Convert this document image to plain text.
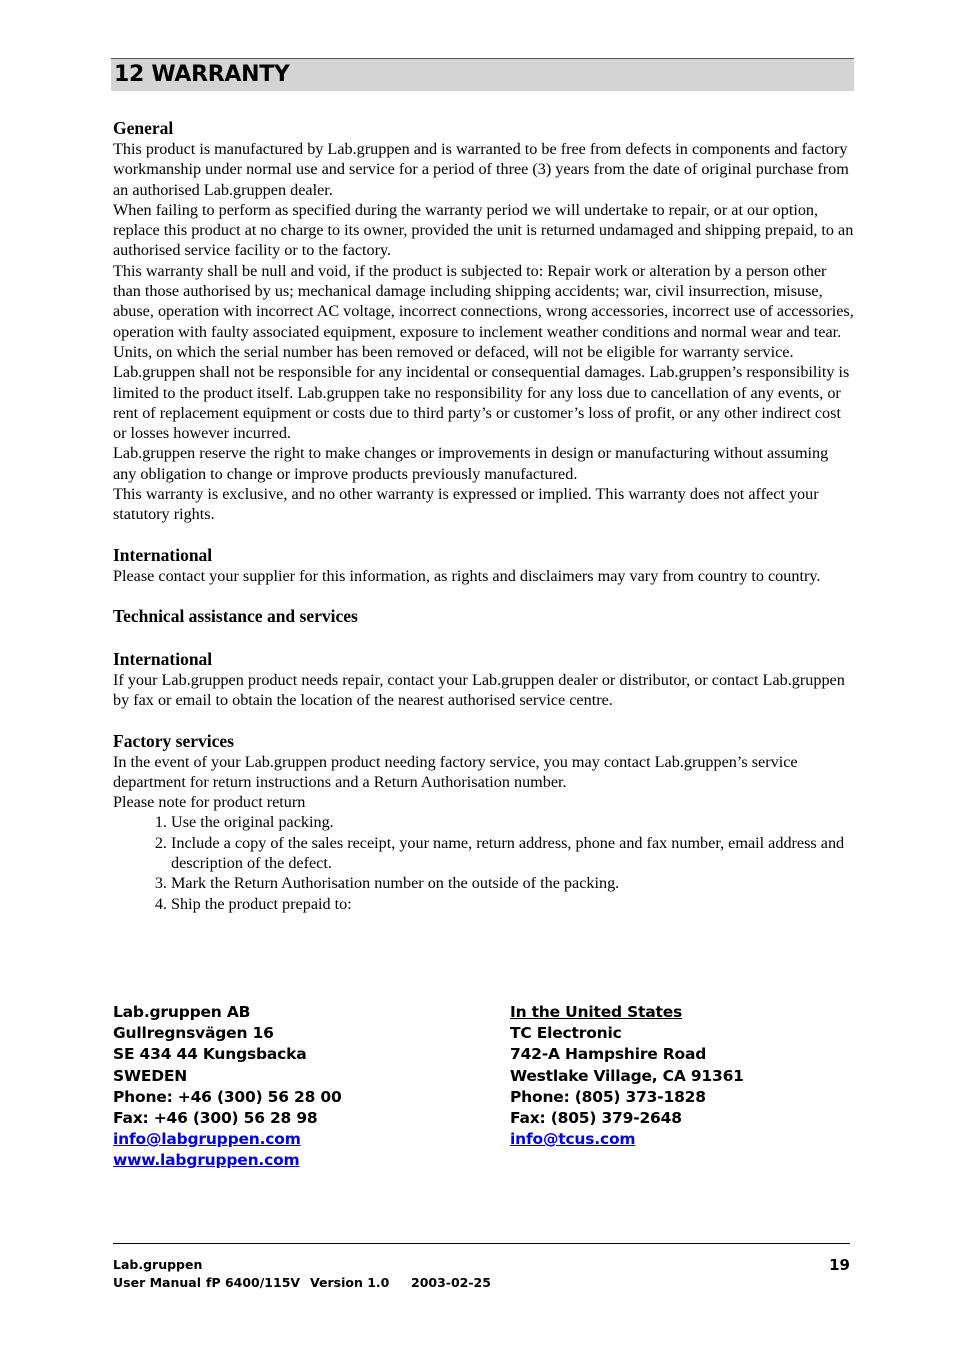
12 WARRANTY
General

This product is manufactured by Lab.gruppen and is warranted to be free from defects in components and factory workmanship under normal use and service for a period of three (3) years from the date of original purchase from an authorised Lab.gruppen dealer.

When failing to perform as specified during the warranty period we will undertake to repair, or at our option, replace this product at no charge to its owner, provided the unit is returned undamaged and shipping prepaid, to an authorised service facility or to the factory.

This warranty shall be null and void, if the product is subjected to: Repair work or alteration by a person other than those authorised by us; mechanical damage including shipping accidents; war, civil insurrection, misuse, abuse, operation with incorrect AC voltage, incorrect connections, wrong accessories, incorrect use of accessories, operation with faulty associated equipment, exposure to inclement weather conditions and normal wear and tear. Units, on which the serial number has been removed or defaced, will not be eligible for warranty service.

Lab.gruppen shall not be responsible for any incidental or consequential damages. Lab.gruppen’s responsibility is limited to the product itself. Lab.gruppen take no responsibility for any loss due to cancellation of any events, or rent of replacement equipment or costs due to third party’s or customer’s loss of profit, or any other indirect cost or losses however incurred.

Lab.gruppen reserve the right to make changes or improvements in design or manufacturing without assuming any obligation to change or improve products previously manufactured.

This warranty is exclusive, and no other warranty is expressed or implied. This warranty does not affect your statutory rights.

International

Please contact your supplier for this information, as rights and disclaimers may vary from country to country.

Technical assistance and services
International

If your Lab.gruppen product needs repair, contact your Lab.gruppen dealer or distributor, or contact Lab.gruppen by fax or email to obtain the location of the nearest authorised service centre.

Factory services

In the event of your Lab.gruppen product needing factory service, you may contact Lab.gruppen’s service department for return instructions and a Return Authorisation number.

Please note for product return

1. Use the original packing.
2. Include a copy of the sales receipt, your name, return address, phone and fax number, email address and description of the defect.
3. Mark the Return Authorisation number on the outside of the packing.
4. Ship the product prepaid to:
Lab.gruppen AB
Gullregnsvägen 16
SE 434 44 Kungsbacka
SWEDEN
Phone: +46 (300) 56 28 00
Fax: +46 (300) 56 28 98
info@labgruppen.com
www.labgruppen.com
In the United States
TC Electronic
742-A Hampshire Road
Westlake Village, CA 91361
Phone: (805) 373-1828
Fax: (805) 379-2648
info@tcus.com
Lab.gruppen
User Manual fP 6400/115V Version 1.0 2003-02-25
19
